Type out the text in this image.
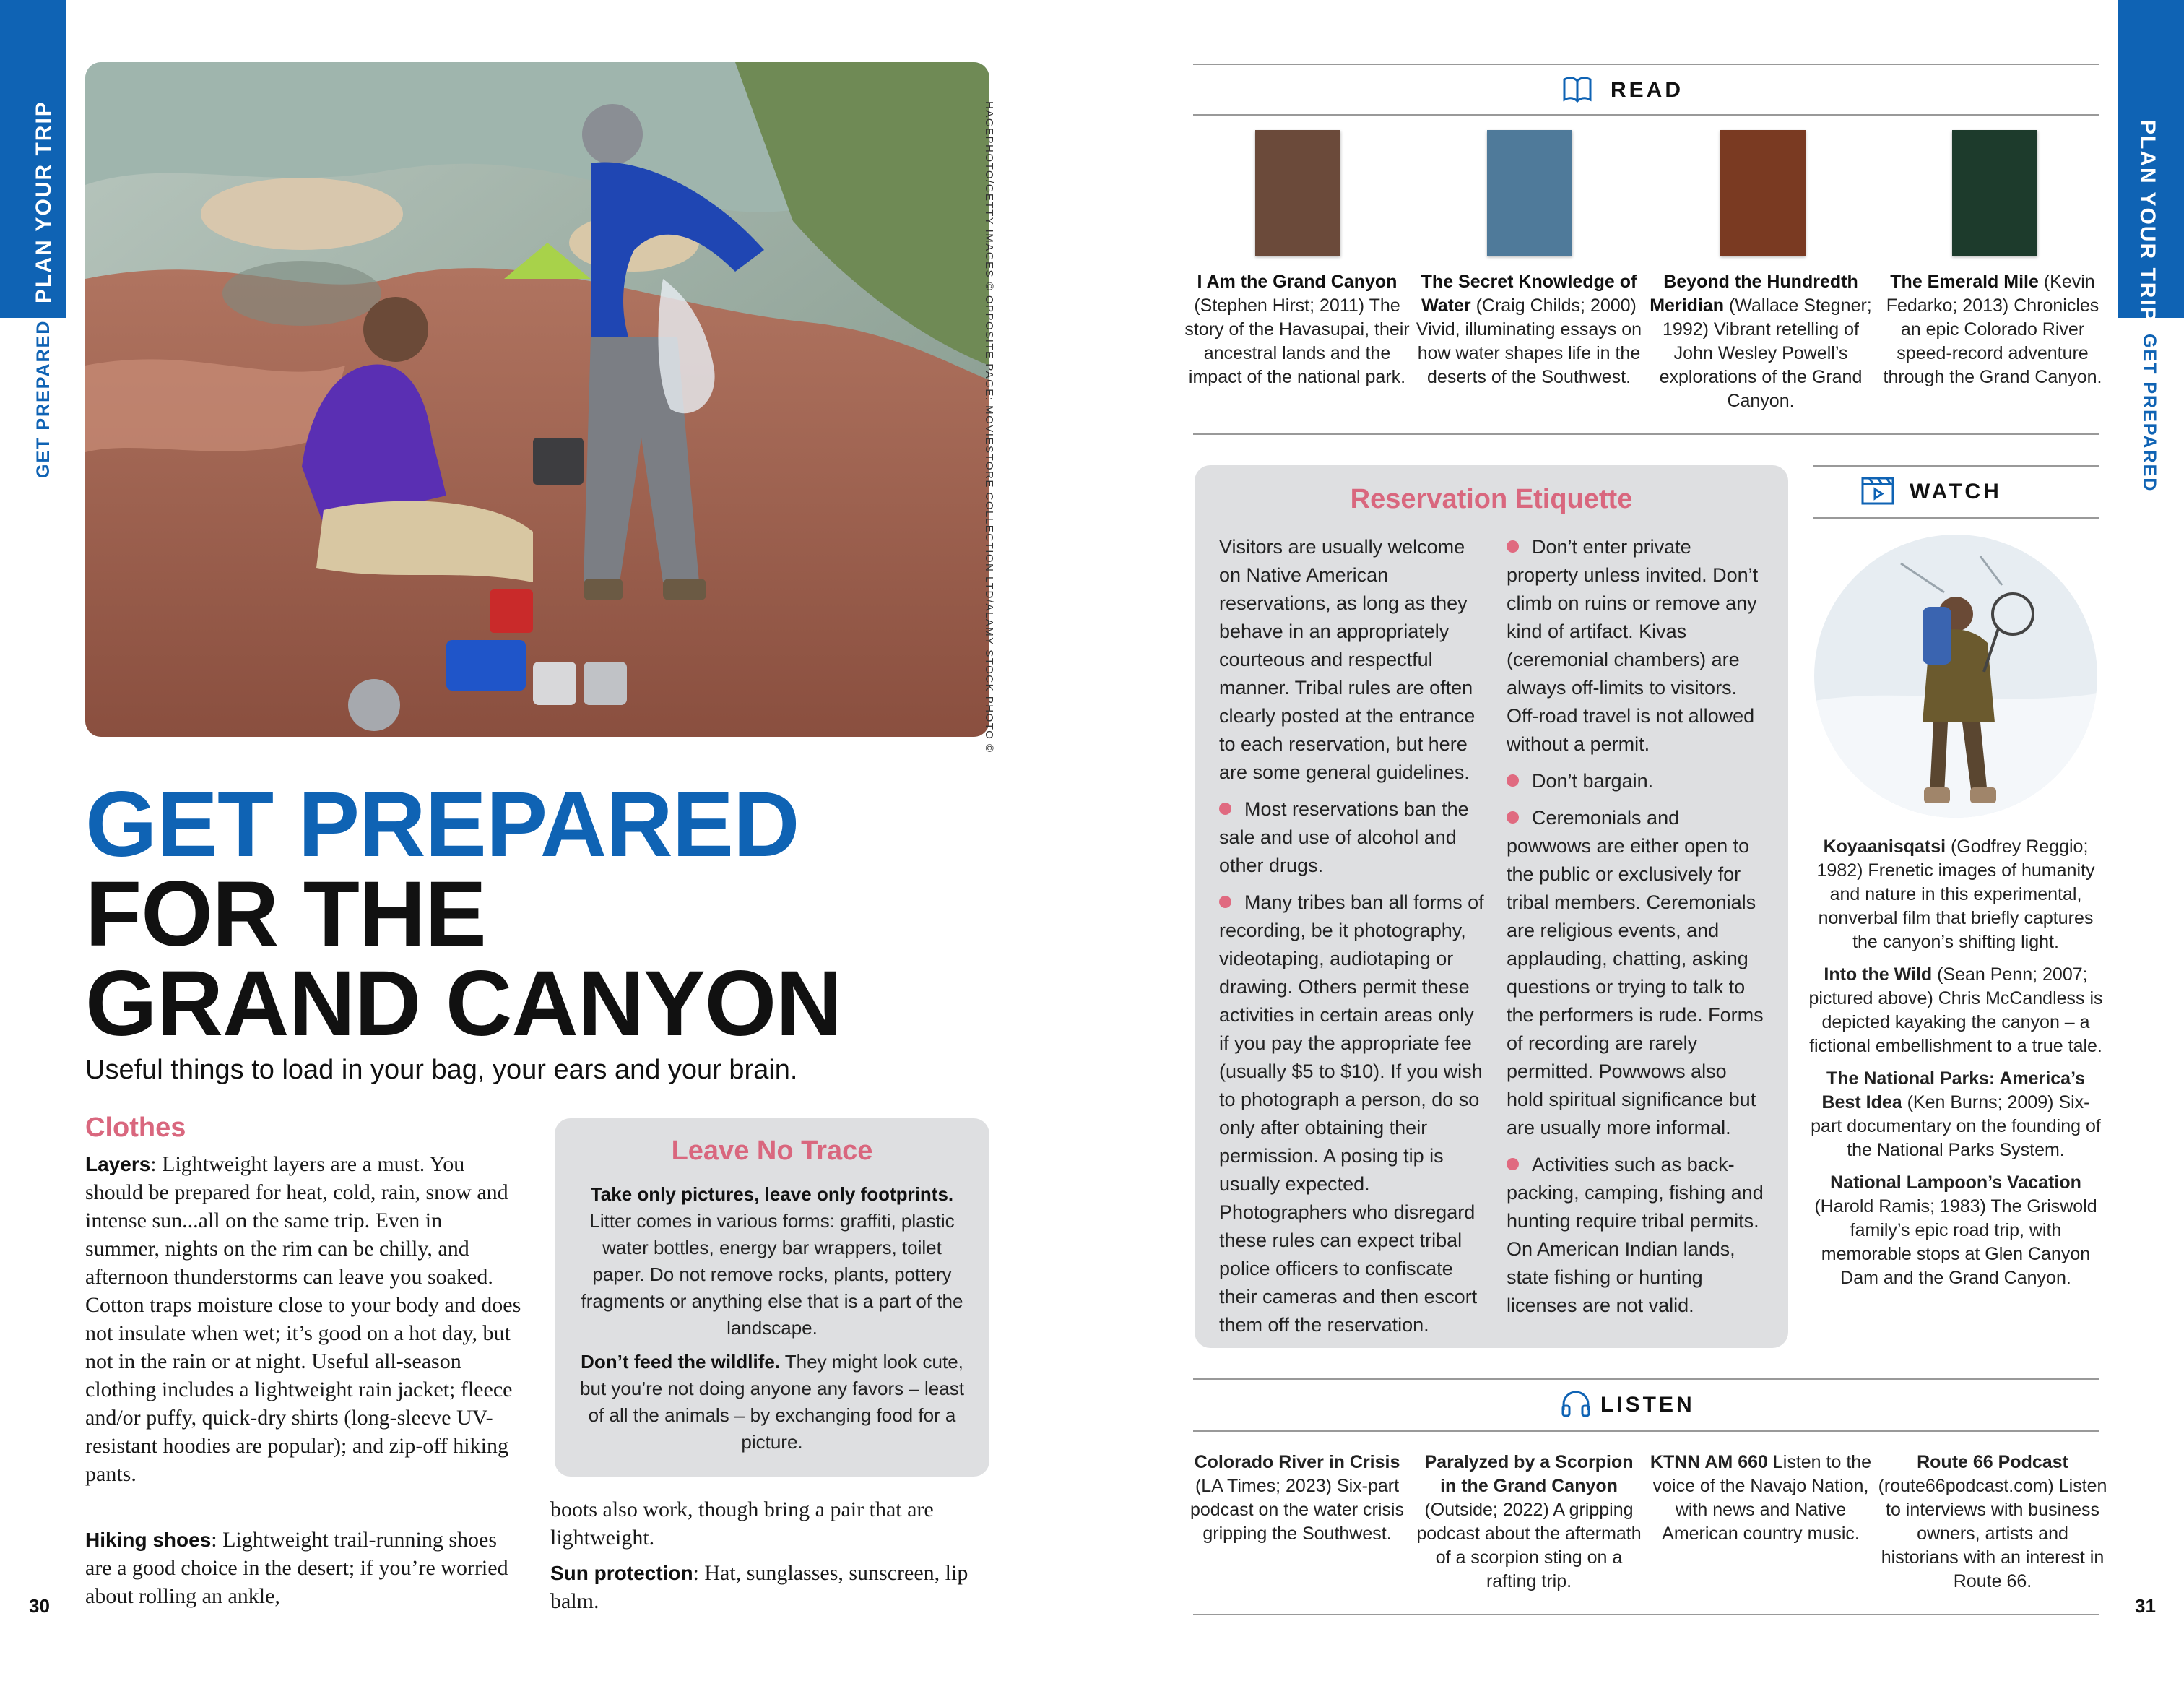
PLAN YOUR TRIP
GET PREPARED	HAGEPHOTO/GETTY IMAGES © OPPOSITE PAGE: MOVIESTORE COLLECTION LTD/ALAMY STOCK PHOTO ©
GET PREPARED
FOR THE
GRAND CANYON
Useful things to load in your bag, your ears and your brain.
Clothes
Layers: Lightweight layers are a must. You should be prepared for heat, cold, rain, snow and intense sun...all on the same trip. Even in summer, nights on the rim can be chilly, and afternoon thunderstorms can leave you soaked. Cotton traps moisture close to your body and does not insulate when wet; it’s good on a hot day, but not in the rain or at night. Useful all-season clothing includes a lightweight rain jacket; fleece and/or puffy, quick-dry shirts (long-sleeve UV-resistant hoodies are popular); and zip-off hiking pants.
Hiking shoes: Lightweight trail-running shoes are a good choice in the desert; if you’re worried about rolling an ankle,
Leave No Trace
Take only pictures, leave only footprints. Litter comes in various forms: graffiti, plastic water bottles, energy bar wrappers, toilet paper. Do not remove rocks, plants, pottery fragments or anything else that is a part of the landscape.
Don’t feed the wildlife. They might look cute, but you’re not doing anyone any favors – least of all the animals – by exchanging food for a picture.
boots also work, though bring a pair that are lightweight.
Sun protection: Hat, sunglasses, sunscreen, lip balm.
30
PLAN YOUR TRIP
GET PREPARED
READ
I Am the Grand Canyon (Stephen Hirst; 2011) The story of the Havasupai, their ancestral lands and the impact of the national park.
The Secret Knowledge of Water (Craig Childs; 2000) Vivid, illuminating essays on how water shapes life in the deserts of the Southwest.
Beyond the Hundredth Meridian (Wallace Stegner; 1992) Vibrant retelling of John Wesley Powell’s explorations of the Grand Canyon.
The Emerald Mile (Kevin Fedarko; 2013) Chronicles an epic Colorado River speed-record adventure through the Grand Canyon.
Reservation Etiquette

Visitors are usually welcome on Native American reservations, as long as they behave in an appropriately courteous and respectful manner. Tribal rules are often clearly posted at the entrance to each reservation, but here are some general guidelines.

Most reservations ban the sale and use of alcohol and other drugs.

Many tribes ban all forms of recording, be it photography, videotaping, audiotaping or drawing. Others permit these activities in certain areas only if you pay the appropriate fee (usually $5 to $10). If you wish to photograph a person, do so only after obtaining their permission. A posing tip is usually expected. Photographers who disregard these rules can expect tribal police officers to confiscate their cameras and then escort them off the reservation.

Don’t enter private property unless invited. Don’t climb on ruins or remove any kind of artifact. Kivas (ceremonial chambers) are always off-limits to visitors. Off-road travel is not allowed without a permit.

Don’t bargain.

Ceremonials and powwows are either open to the public or exclusively for tribal members. Ceremonials are religious events, and applauding, chatting, asking questions or trying to talk to the performers is rude. Forms of recording are rarely permitted. Powwows also hold spiritual significance but are usually more informal.

Activities such as back-packing, camping, fishing and hunting require tribal permits. On American Indian lands, state fishing or hunting licenses are not valid.

WATCH

Koyaanisqatsi (Godfrey Reggio; 1982) Frenetic images of humanity and nature in this experimental, nonverbal film that briefly captures the canyon’s shifting light.

Into the Wild (Sean Penn; 2007; pictured above) Chris McCandless is depicted kayaking the canyon – a fictional embellishment to a true tale.

The National Parks: America’s Best Idea (Ken Burns; 2009) Six-part documentary on the founding of the National Parks System.

National Lampoon’s Vacation (Harold Ramis; 1983) The Griswold family’s epic road trip, with memorable stops at Glen Canyon Dam and the Grand Canyon.

LISTEN
Colorado River in Crisis (LA Times; 2023) Six-part podcast on the water crisis gripping the Southwest.
Paralyzed by a Scorpion in the Grand Canyon (Outside; 2022) A gripping podcast about the aftermath of a scorpion sting on a rafting trip.
KTNN AM 660 Listen to the voice of the Navajo Nation, with news and Native American country music.
Route 66 Podcast (route66podcast.com) Listen to interviews with business owners, artists and historians with an interest in Route 66.
31
